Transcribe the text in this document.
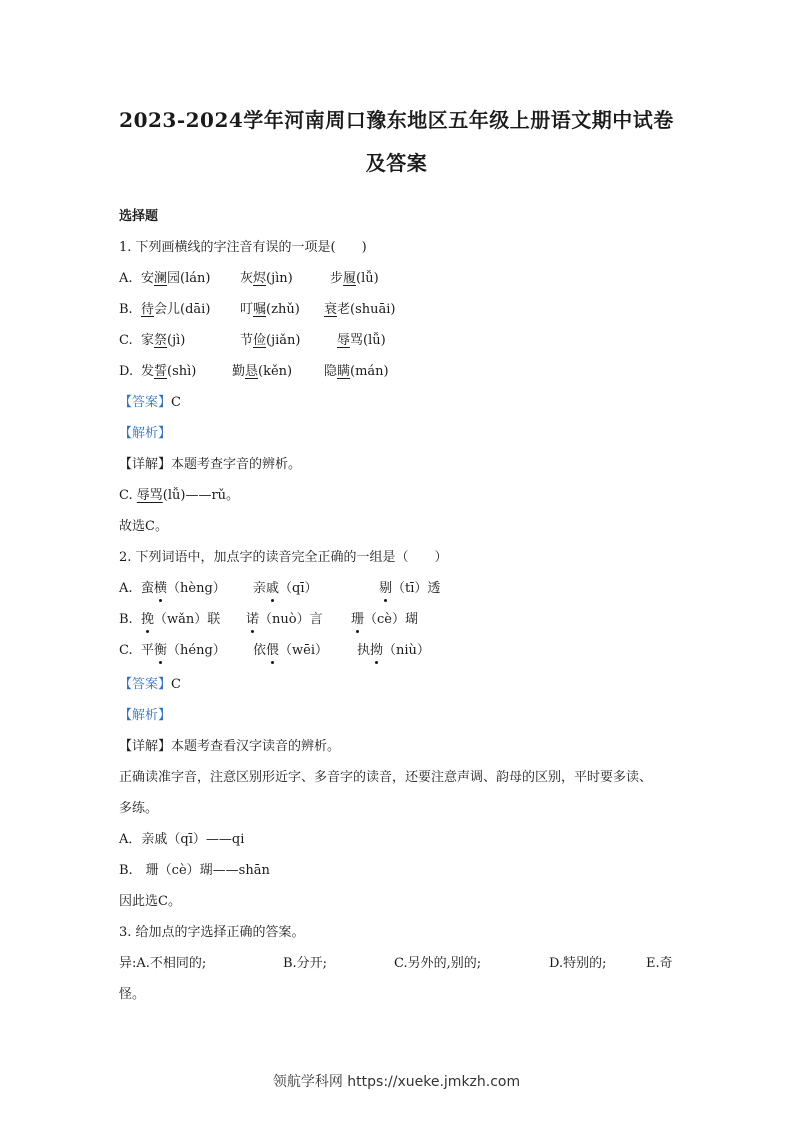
2023-2024学年河南周口豫东地区五年级上册语文期中试卷
及答案
选择题
1. 下列画横线的字注音有误的一项是(　　)
A. 安澜园(lán) 灰烬(jìn)	步履(lǚ)
B. 待会儿(dāi) 叮嘱(zhǔ) 衰老(shuāi)
C. 家祭(jì)	节俭(jiǎn)	辱骂(lǚ)
D. 发誓(shì)	勤恳(kěn) 隐瞒(mán)
【答案】C
【解析】
【详解】本题考查字音的辨析。
C. 辱骂(lǚ)——rǔ。
故选C。
2. 下列词语中，加点字的读音完全正确的一组是（　　）
A. 蛮横（hèng） 亲戚（qī）	剔（tī）透
B. 挽（wǎn）联 诺（nuò）言 珊（cè）瑚
C. 平衡（héng） 依偎（wēi） 执拗（niù）
【答案】C
【解析】
【详解】本题考查看汉字读音的辨析。
正确读准字音，注意区别形近字、多音字的读音，还要注意声调、韵母的区别，平时要多读、
多练。
A．亲戚（qī）——qi
B.　珊（cè）瑚——shān
因此选C。
3. 给加点的字选择正确的答案。
异:A.不相同的;	B.分开;	C.另外的,别的;	D.特别的;	E.奇
怪。
领航学科网 https://xueke.jmkzh.com
